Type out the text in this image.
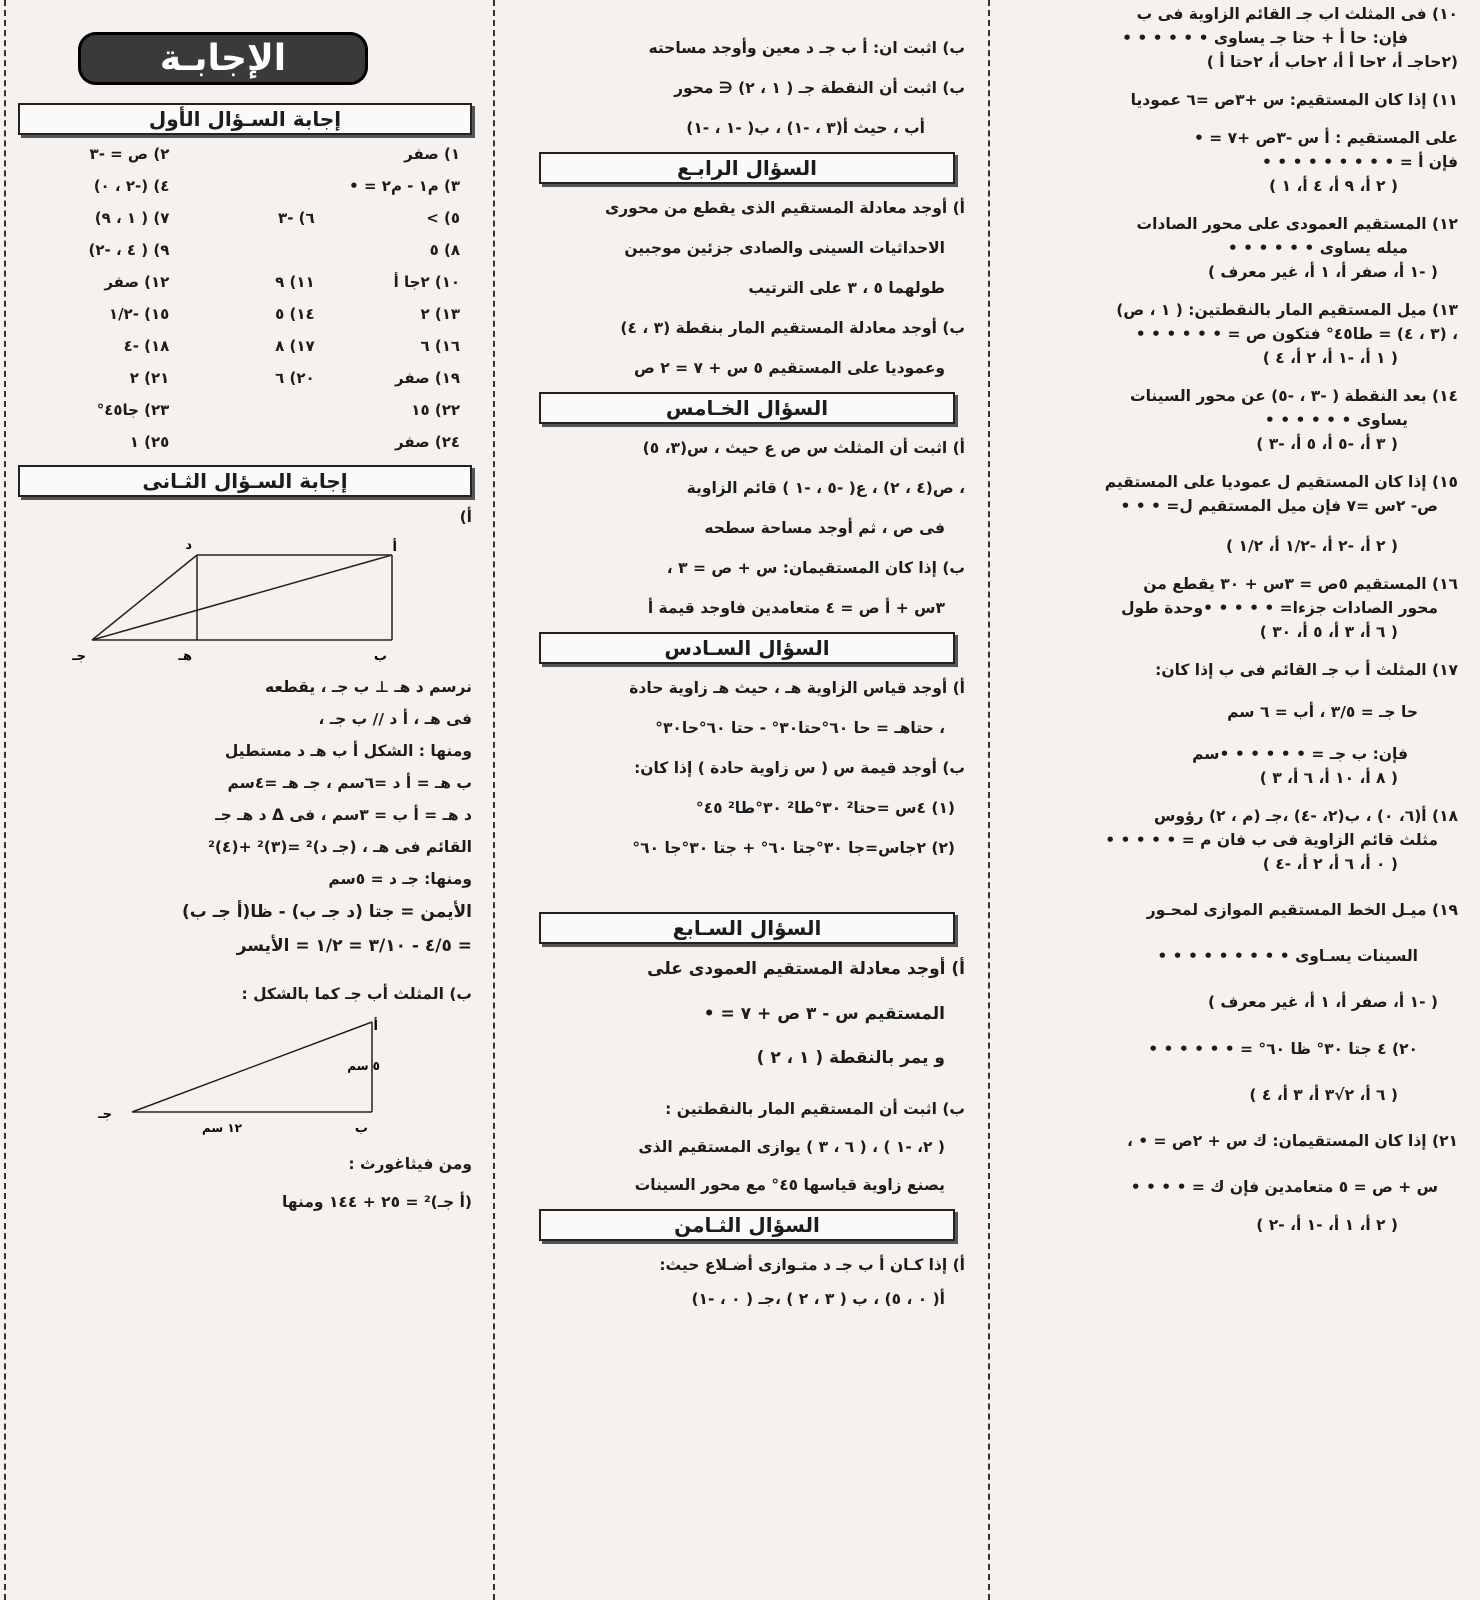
١٠) فى المثلث اب جـ القائم الزاوية فى ب
فإن: حا أ + حتا جـ يساوى • • • • • •
(٢حاجـ أ، ٢حا أ أ، ٢حاب أ، ٢حتا أ )
١١) إذا كان المستقيم: س +٣ص =٦ عموديا
على المستقيم : أ س -٣ص +٧ = •
فإن أ = • • • • • • • • •
( ٢ أ، ٩ أ، ٤ أ، ١ )
١٢) المستقيم العمودى على محور الصادات
ميله يساوى • • • • • •
( -١ أ، صفر أ، ١ أ، غير معرف )
١٣) ميل المستقيم المار بالنقطتين: ( ١ ، ص)
، (٣ ، ٤) = طا٤٥° فتكون ص = • • • • • •
( ١ أ، -١ أ، ٢ أ، ٤ )
١٤) بعد النقطة ( -٣ ، -٥) عن محور السينات
يساوى • • • • • •
( ٣ أ، -٥ أ، ٥ أ، -٣ )
١٥) إذا كان المستقيم ل عموديا على المستقيم
ص- ٢س =٧ فإن ميل المستقيم ل= • • •
( ٢ أ، -٢ أ، -١/٢ أ، ١/٢ )
١٦) المستقيم ٥ص = ٣س + ٣٠ يقطع من
محور الصادات جزءا= • • • • •وحدة طول
( ٦ أ، ٣ أ، ٥ أ، ٣٠ )
١٧) المثلث أ ب جـ القائم فى ب إذا كان:
حا جـ = ٣/٥ ، أب = ٦ سم
فإن: ب جـ = • • • • • •سم
( ٨ أ، ١٠ أ، ٦ أ، ٣ )
١٨) أ(٦، ٠) ، ب(٢، -٤) ،جـ (م ، ٢) رؤوس
مثلث قائم الزاوية فى ب فان م = • • • • •
( ٠ أ، ٦ أ، ٢ أ، -٤ )
١٩) ميـل الخط المستقيم الموازى لمحـور
السينات يسـاوى • • • • • • • • •
( -١ أ، صفر أ، ١ أ، غير معرف )
٢٠) ٤ جتا ٣٠° ظا ٦٠° = • • • • • •
( ٦ أ، ٢√٣ أ، ٣ أ، ٤ )
٢١) إذا كان المستقيمان: ك س + ٢ص = • ،
س + ص = ٥ متعامدين فإن ك = • • • •
( ٢ أ، ١ أ، -١ أ، -٢ )
ب) اثبت ان: أ ب جـ د معين وأوجد مساحته
ب) اثبت أن النقطة جـ ( ١ ، ٢) ∈ محور
أب ، حيث أ(٣ ، -١) ، ب( -١ ، -١)
السؤال الرابـع
أ) أوجد معادلة المستقيم الذى يقطع من محورى
الاحداثيات السينى والصادى جزئين موجبين
طولهما ٥ ، ٣ على الترتيب
ب) أوجد معادلة المستقيم المار بنقطة (٣ ، ٤)
وعموديا على المستقيم ٥ س + ٧ = ٢ ص
السؤال الخـامس
أ) اثبت أن المثلث س ص ع حيث ، س(٣، ٥)
، ص(٤ ، ٢) ، ع( -٥ ، -١ ) قائم الزاوية
فى ص ، ثم أوجد مساحة سطحه
ب) إذا كان المستقيمان: س + ص = ٣ ،
٣س + أ ص = ٤ متعامدين فاوجد قيمة أ
السؤال السـادس
أ) أوجد قياس الزاوية هـ ، حيث هـ زاوية حادة
، حتاهـ = حا ٦٠°حتا٣٠° - حتا ٦٠°حا٣٠°
ب) أوجد قيمة س ( س زاوية حادة ) إذا كان:
(١) ٤س =حتا² ٣٠°طا² ٣٠°طا² ٤٥°
(٢) ٢جاس=جا ٣٠°جتا ٦٠° + جتا ٣٠°جا ٦٠°
السؤال السـابع
أ) أوجد معادلة المستقيم العمودى على
المستقيم س - ٣ ص + ٧ = •
و يمر بالنقطة ( ١ ، ٢ )
ب) اثبت أن المستقيم المار بالنقطتين :
( ٢، -١ ) ، ( ٦ ، ٣ ) يوازى المستقيم الذى
يصنع زاوية قياسها ٤٥° مع محور السينات
السؤال الثـامن
أ) إذا كـان أ ب جـ د متـوازى أضـلاع حيث:
أ( ٠ ، ٥) ، ب ( ٣ ، ٢ ) ،جـ ( ٠ ، -١)
الإجابـة
إجابة السـؤال الأول
١) صفر
٢) ص = -٣
٣) م١ - م٢ = •
٤) (-٢ ، ٠)
٥) >
٦) -٣
٧) ( ١ ، ٩)
٨) ٥
٩) ( ٤ ، -٢)
١٠) ٢جا أ
١١) ٩
١٢) صفر
١٣) ٢
١٤) ٥
١٥) -١/٢
١٦) ٦
١٧) ٨
١٨) -٤
١٩) صفر
٢٠) ٦
٢١) ٢
٢٢) ١٥
٢٣) جا٤٥°
٢٤) صفر
٢٥) ١
إجابة السـؤال الثـانى
أ)
أ
د
ب
هـ
جـ
نرسم د هـ ⊥ ب جـ ، يقطعه
فى هـ ، أ د // ب جـ ،
ومنها : الشكل أ ب هـ د مستطيل
ب هـ = أ د =٦سم ، جـ هـ =٤سم
د هـ = أ ب = ٣سم ، فى Δ د هـ جـ
القائم فى هـ ، (جـ د)² =(٣)² +(٤)²
ومنها: جـ د = ٥سم
الأيمن = جتا (د جـ ب) - ظا(أ جـ ب)
= ٤/٥ - ٣/١٠ = ١/٢ = الأيسر
ب) المثلث أب جـ كما بالشكل :
أ
ب
جـ
٥ سم
١٢ سم
ومن فيثاغورث :
(أ جـ)² = ٢٥ + ١٤٤ ومنها
